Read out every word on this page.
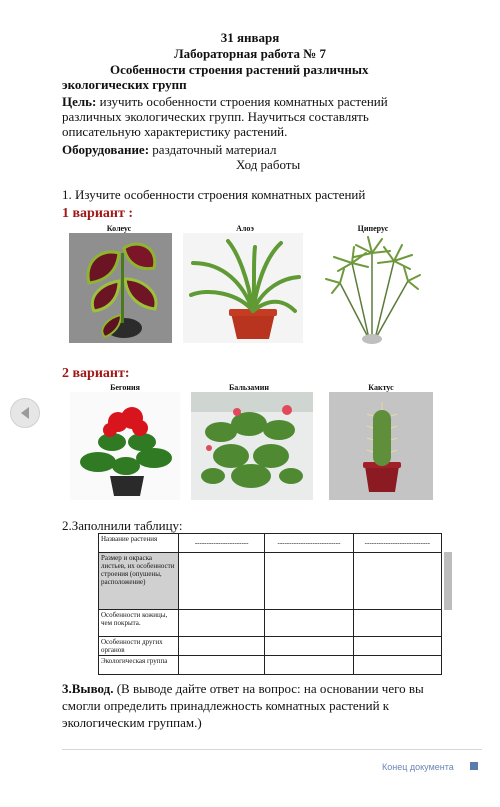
31 января
Лабораторная работа № 7
Особенности строения растений различных экологических групп
Цель: изучить особенности строения комнатных растений различных экологических групп. Научиться составлять описательную характеристику растений.
Оборудование: раздаточный материал
Ход работы
1. Изучите особенности строения комнатных растений
1 вариант :
Колеус	Алоэ	Циперус
2 вариант:
Бегония	Бальзамин	Кактус
2.Заполнили таблицу:
Название растения	-----------------------	---------------------------	----------------------------
Размер и окраска листьев, их особенности строения (опушены, расположение)			
Особенности кожицы, чем покрыта.			
Особенности других органов			
Экологическая группа			
3.Вывод. (В выводе дайте ответ на вопрос: на основании чего вы смогли определить принадлежность комнатных растений к экологическим группам.)
Конец документа
